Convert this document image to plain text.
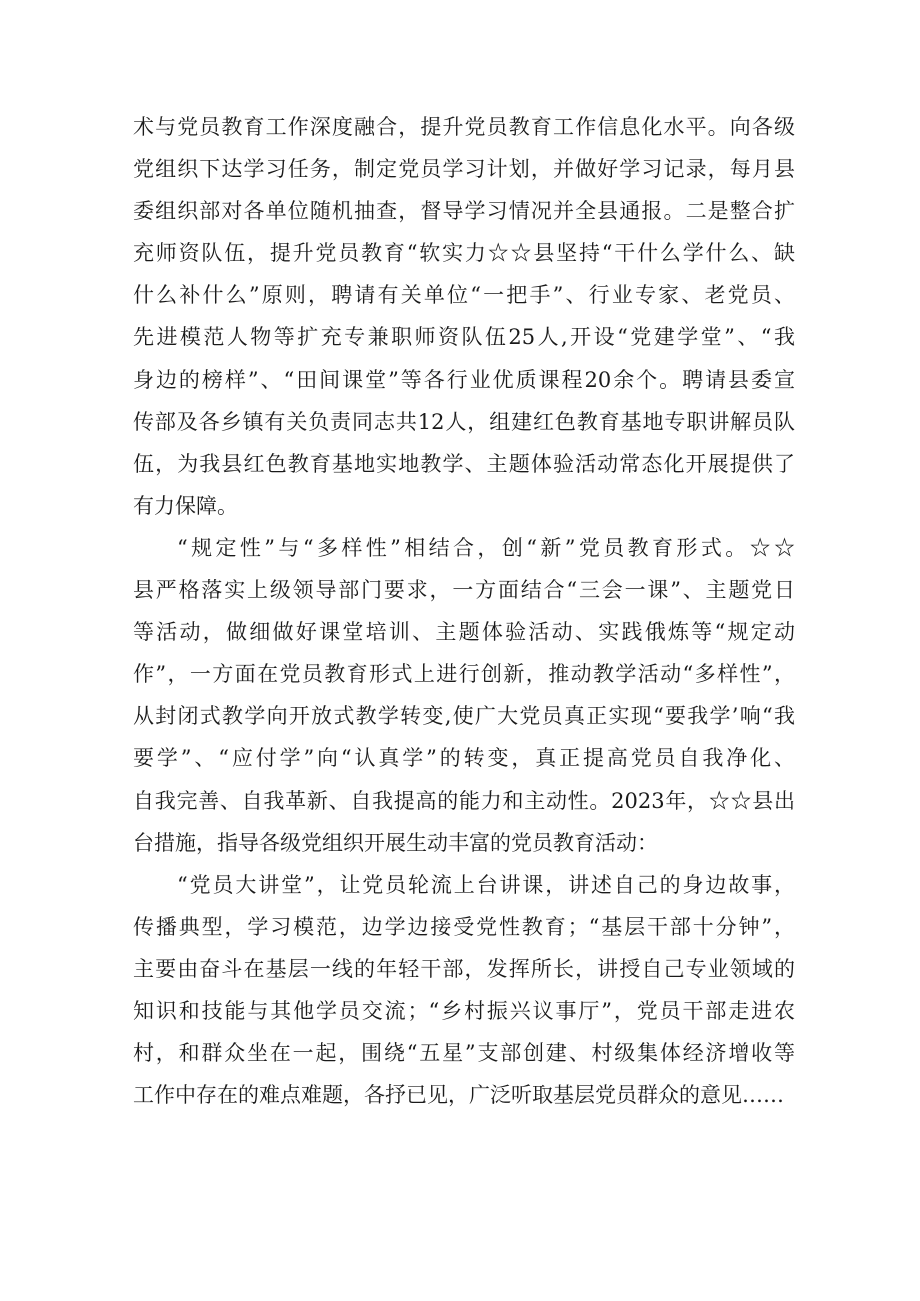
术与党员教育工作深度融合，提升党员教育工作信息化水平。向各级
党组织下达学习任务，制定党员学习计划，并做好学习记录，每月县
委组织部对各单位随机抽查，督导学习情况并全县通报。二是整合扩
充师资队伍，提升党员教育“软实力☆☆县坚持“干什么学什么、缺
什么补什么”原则，聘请有关单位“一把手”、行业专家、老党员、
先进模范人物等扩充专兼职师资队伍25人,开设“党建学堂”、“我
身边的榜样”、“田间课堂”等各行业优质课程20余个。聘请县委宣
传部及各乡镇有关负责同志共12人，组建红色教育基地专职讲解员队
伍，为我县红色教育基地实地教学、主题体验活动常态化开展提供了
有力保障。

“规定性”与“多样性”相结合，创“新”党员教育形式。☆☆
县严格落实上级领导部门要求，一方面结合“三会一课”、主题党日
等活动，做细做好课堂培训、主题体验活动、实践俄炼等“规定动
作”，一方面在党员教育形式上进行创新，推动教学活动“多样性”，
从封闭式教学向开放式教学转变,使广大党员真正实现“要我学’响“我
要学”、“应付学”向“认真学”的转变，真正提高党员自我净化、
自我完善、自我革新、自我提高的能力和主动性。2023年，☆☆县出
台措施，指导各级党组织开展生动丰富的党员教育活动：

“党员大讲堂”，让党员轮流上台讲课，讲述自己的身边故事，
传播典型，学习模范，边学边接受党性教育；“基层干部十分钟”，
主要由奋斗在基层一线的年轻干部，发挥所长，讲授自己专业领域的
知识和技能与其他学员交流；“乡村振兴议事厅”，党员干部走进农
村，和群众坐在一起，围绕“五星”支部创建、村级集体经济增收等
工作中存在的难点难题，各抒已见，广泛听取基层党员群众的意见……
